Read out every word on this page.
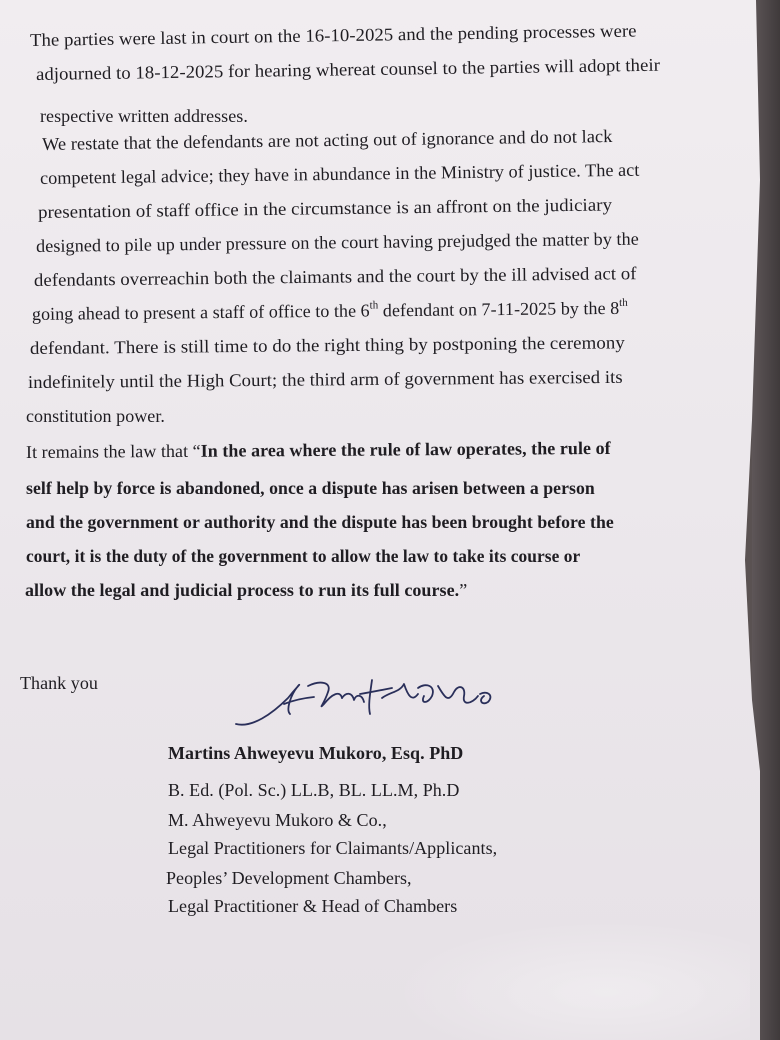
The parties were last in court on the 16-10-2025 and the pending processes were
adjourned to 18-12-2025 for hearing whereat counsel to the parties will adopt their
respective written addresses.
We restate that the defendants are not acting out of ignorance and do not lack
competent legal advice; they have in abundance in the Ministry of justice. The act
presentation of staff office in the circumstance is an affront on the judiciary
designed to pile up under pressure on the court having prejudged the matter by the
defendants overreachin both the claimants and the court by the ill advised act of
going ahead to present a staff of office to the 6th defendant on 7-11-2025 by the 8th
defendant. There is still time to do the right thing by postponing the ceremony
indefinitely until the High Court; the third arm of government has exercised its
constitution power.
It remains the law that “In the area where the rule of law operates, the rule of
self help by force is abandoned, once a dispute has arisen between a person
and the government or authority and the dispute has been brought before the
court, it is the duty of the government to allow the law to take its course or
allow the legal and judicial process to run its full course.”
Thank you
Martins Ahweyevu Mukoro, Esq. PhD
B. Ed. (Pol. Sc.) LL.B, BL. LL.M, Ph.D
M. Ahweyevu Mukoro & Co.,
Legal Practitioners for Claimants/Applicants,
Peoples’ Development Chambers,
Legal Practitioner & Head of Chambers
